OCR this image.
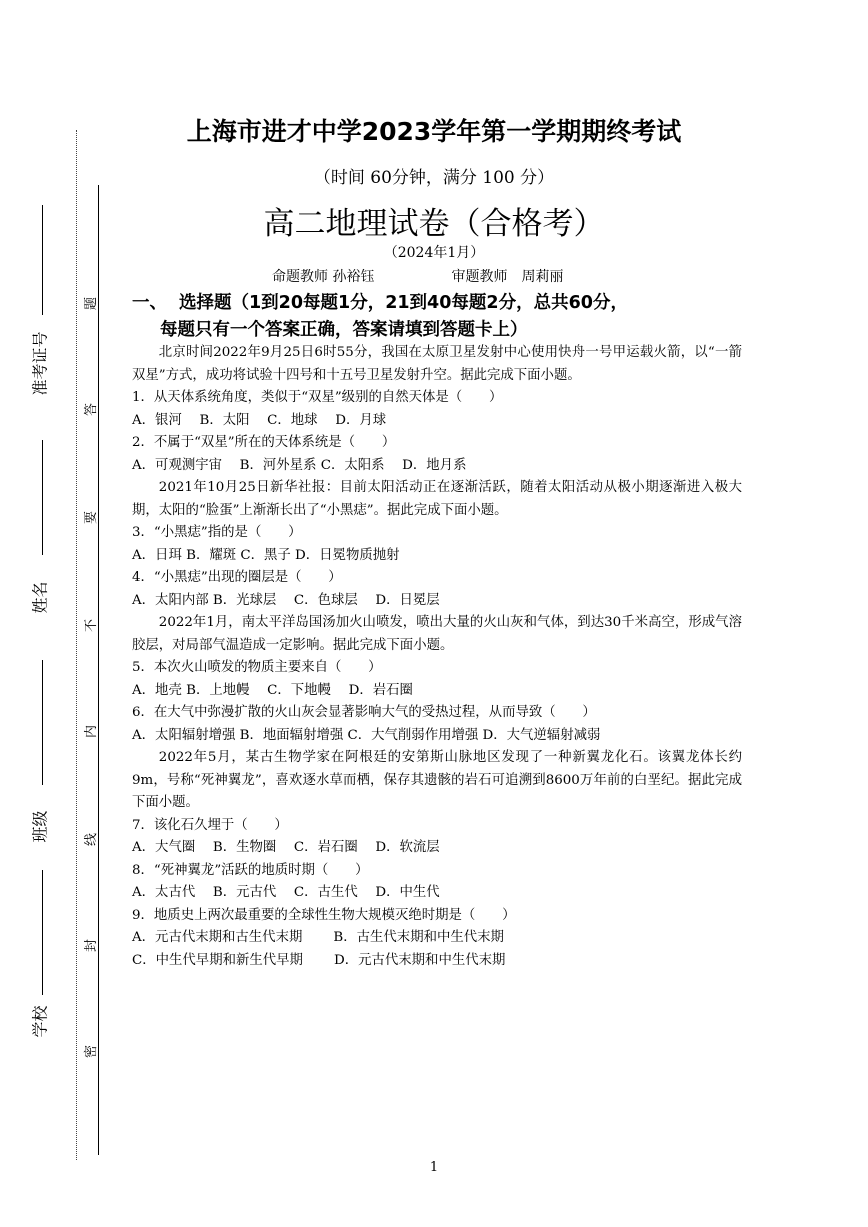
准考证号
姓名
班级
学校
题
答
要
不
内
线
封
密
上海市进才中学2023学年第一学期期终考试
（时间 60分钟，满分 100 分）
高二地理试卷（合格考）
（2024年1月）
命题教师 孙裕钰	审题教师　周莉丽
一、 选择题（1到20每题1分，21到40每题2分，总共60分，
每题只有一个答案正确，答案请填到答题卡上）

北京时间2022年9月25日6时55分，我国在太原卫星发射中心使用快舟一号甲运载火箭，以“一箭双星”方式，成功将试验十四号和十五号卫星发射升空。据此完成下面小题。

1．从天体系统角度，类似于“双星”级别的自然天体是（　　）

A．银河　 B．太阳　 C．地球　 D．月球

2．不属于“双星”所在的天体系统是（　　）

A．可观测宇宙　 B．河外星系 C．太阳系　 D．地月系

2021年10月25日新华社报：目前太阳活动正在逐渐活跃，随着太阳活动从极小期逐渐进入极大期，太阳的“脸蛋”上渐渐长出了“小黑痣”。据此完成下面小题。

3．“小黑痣”指的是（　　）

A．日珥 B．耀斑 C．黑子 D．日冕物质抛射

4．“小黑痣”出现的圈层是（　　）

A．太阳内部 B．光球层　 C．色球层　 D．日冕层

2022年1月，南太平洋岛国汤加火山喷发，喷出大量的火山灰和气体，到达30千米高空，形成气溶胶层，对局部气温造成一定影响。据此完成下面小题。

5．本次火山喷发的物质主要来自（　　）

A．地壳 B．上地幔　 C．下地幔　 D．岩石圈

6．在大气中弥漫扩散的火山灰会显著影响大气的受热过程，从而导致（　　）

A．太阳辐射增强 B．地面辐射增强 C．大气削弱作用增强 D．大气逆辐射减弱

2022年5月，某古生物学家在阿根廷的安第斯山脉地区发现了一种新翼龙化石。该翼龙体长约9m，号称“死神翼龙”，喜欢逐水草而栖，保存其遗骸的岩石可追溯到8600万年前的白垩纪。据此完成下面小题。

7．该化石久埋于（　　）

A．大气圈　 B．生物圈　 C．岩石圈　 D．软流层

8．“死神翼龙”活跃的地质时期（　　）

A．太古代　 B．元古代　 C．古生代　 D．中生代

9．地质史上两次最重要的全球性生物大规模灭绝时期是（　　）

A．元古代末期和古生代末期　　 B．古生代末期和中生代末期

C．中生代早期和新生代早期　　 D．元古代末期和中生代末期

1
